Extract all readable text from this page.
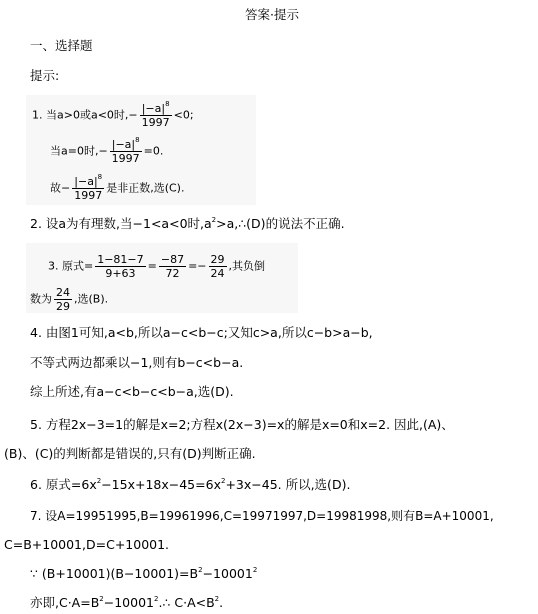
答案·提示
一、选择题
提示:
1. 当a>0或a<0时,− $\frac{|-a|^8}{1997} <0$;
当a=0时,− $\frac{|-a|^8}{1997} =0$.
故− $\frac{|-a|^8}{1997}$ 是非正数,选(C).
2. 设a为有理数,当−1<a<0时$,a^2>a,\therefore(D)$的说法不正确.
3. 原式= $\frac{1-81-7}{9+63} = \frac{-87}{72} =- \frac{29}{24}$ ,其负倒
数为 $\frac{24}{29}$ ,选(B).
4. 由图1可知,a<b,所以a−c<b−c;又知c>a,所以c−b>a−b,
不等式两边都乘以−1,则有b−c<b−a.
综上所述,有a−c<b−c<b−a,选(D).
5. 方程2x−3=1的解是x=2;方程x(2x−3)=x的解是x=0和x=2. 因此,(A)、
(B)、(C)的判断都是错误的,只有(D)判断正确.
6. 原式$=6x^2-15x+18x-45=6x^2+3x-45$. 所以,选(D).
7. 设A=19951995,B=19961996,C=19971997,D=19981998,则有B=A+10001,
C=B+10001,D=C+10001.
∵ $(B+10001)(B-10001)=B^2-10001^2$
亦即$,C\cdot A=B^2-10001^2.\therefore$ $C\cdot A<B^2$.
